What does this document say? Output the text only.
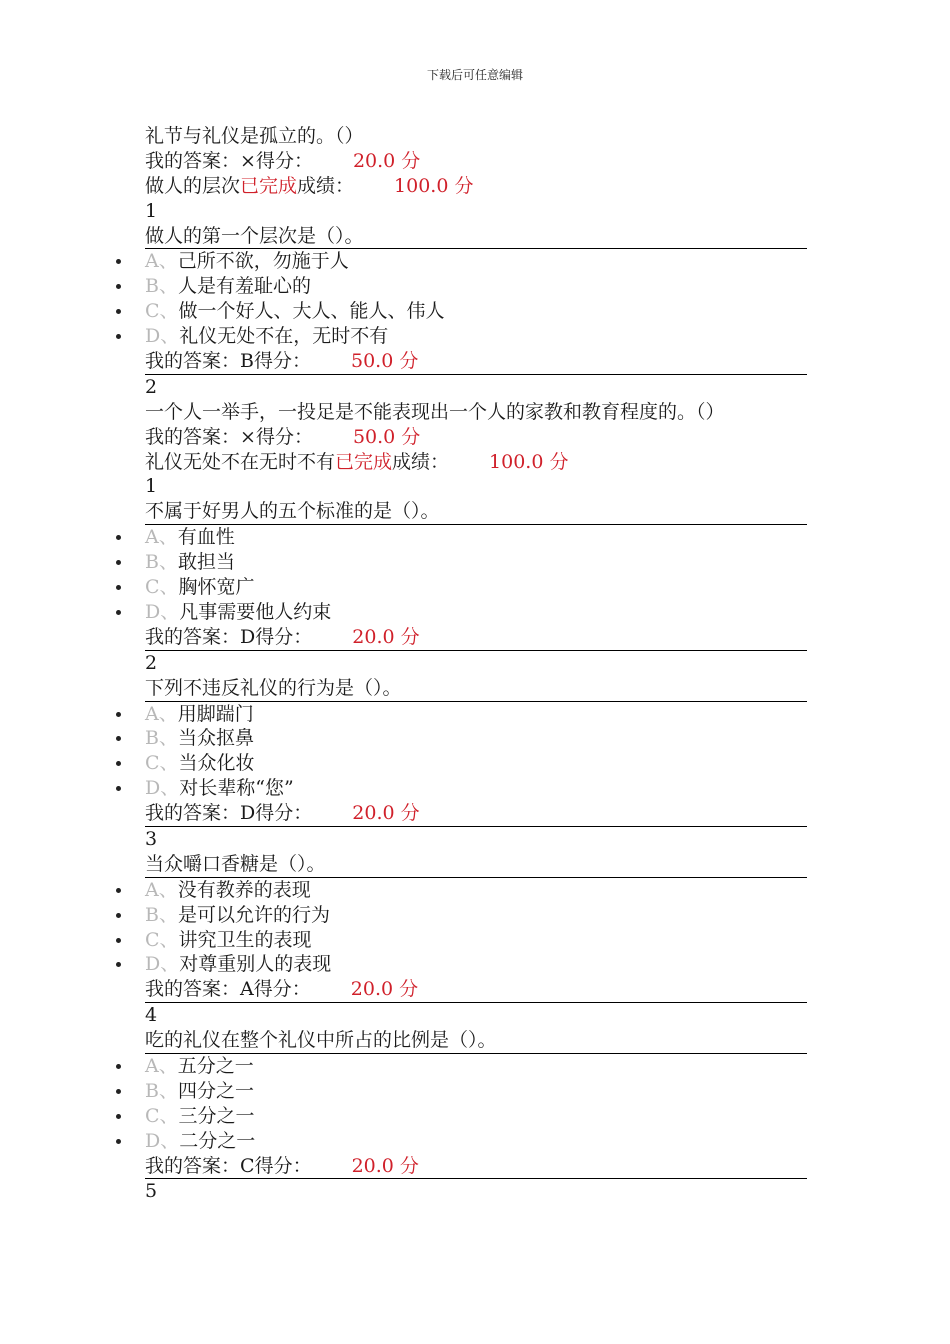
下载后可任意编辑
礼节与礼仪是孤立的。（）
我的答案：×得分： 20.0 分
做人的层次已完成成绩： 100.0 分
1
做人的第一个层次是（）。
A、己所不欲，勿施于人
B、人是有羞耻心的
C、做一个好人、大人、能人、伟人
D、礼仪无处不在，无时不有
我的答案：B得分： 50.0 分
2
一个人一举手，一投足是不能表现出一个人的家教和教育程度的。（）
我的答案：×得分： 50.0 分
礼仪无处不在无时不有已完成成绩： 100.0 分
1
不属于好男人的五个标准的是（）。
A、有血性
B、敢担当
C、胸怀宽广
D、凡事需要他人约束
我的答案：D得分： 20.0 分
2
下列不违反礼仪的行为是（）。
A、用脚踹门
B、当众抠鼻
C、当众化妆
D、对长辈称“您”
我的答案：D得分： 20.0 分
3
当众嚼口香糖是（）。
A、没有教养的表现
B、是可以允许的行为
C、讲究卫生的表现
D、对尊重别人的表现
我的答案：A得分： 20.0 分
4
吃的礼仪在整个礼仪中所占的比例是（）。
A、五分之一
B、四分之一
C、三分之一
D、二分之一
我的答案：C得分： 20.0 分
5
